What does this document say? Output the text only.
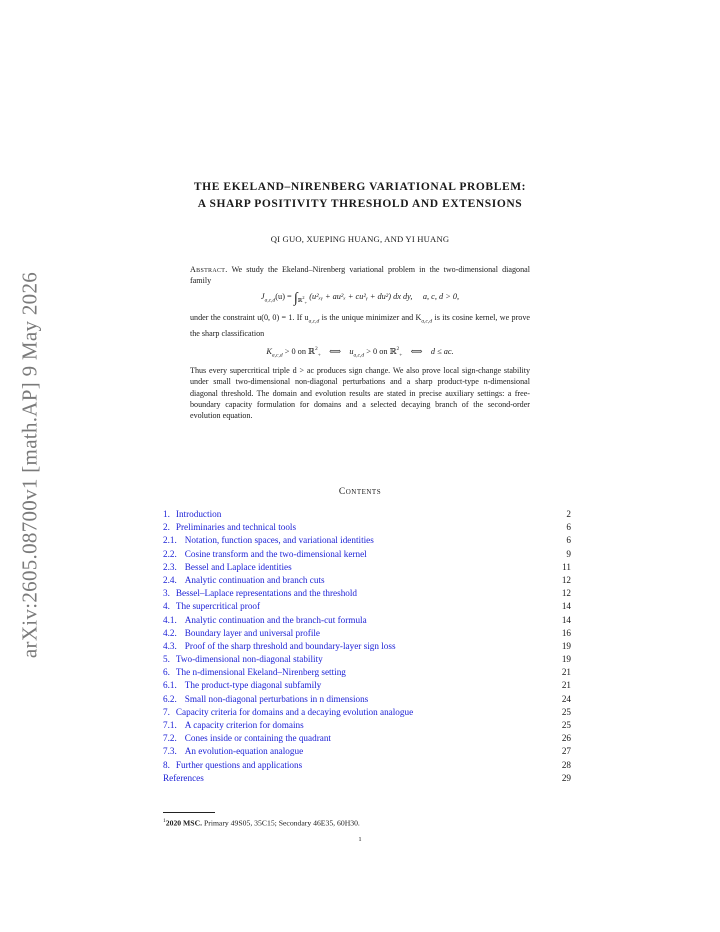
arXiv:2605.08700v1 [math.AP] 9 May 2026
THE EKELAND–NIRENBERG VARIATIONAL PROBLEM:
A SHARP POSITIVITY THRESHOLD AND EXTENSIONS
QI GUO, XUEPING HUANG, AND YI HUANG

Abstract. We study the Ekeland–Nirenberg variational problem in the two-dimensional diagonal family

$J_{a,c,d}(u) = \int_{ℝ^2_+}$ (u²ₓᵧ + au²ₓ + cu²ᵧ + du²) dx dy, a, c, d > 0,

under the constraint u(0, 0) = 1. If $u_{a,c,d}$ is the unique minimizer and $K_{a,c,d}$ is its cosine kernel, we prove the sharp classification

$K_{a,c,d} > 0$ on ℝ$^2_+$ ⟺ $u_{a,c,d} > 0$ on ℝ$^2_+$ ⟺ d ≤ ac.

Thus every supercritical triple d > ac produces sign change. We also prove local sign-change stability under small two-dimensional non-diagonal perturbations and a sharp product-type n-dimensional diagonal threshold. The domain and evolution results are stated in precise auxiliary settings: a free-boundary capacity formulation for domains and a selected decaying branch of the second-order evolution equation.

Contents
1. Introduction	2
2. Preliminaries and technical tools	6
2.1. Notation, function spaces, and variational identities	6
2.2. Cosine transform and the two-dimensional kernel	9
2.3. Bessel and Laplace identities	11
2.4. Analytic continuation and branch cuts	12
3. Bessel–Laplace representations and the threshold	12
4. The supercritical proof	14
4.1. Analytic continuation and the branch-cut formula	14
4.2. Boundary layer and universal profile	16
4.3. Proof of the sharp threshold and boundary-layer sign loss	19
5. Two-dimensional non-diagonal stability	19
6. The n-dimensional Ekeland–Nirenberg setting	21
6.1. The product-type diagonal subfamily	21
6.2. Small non-diagonal perturbations in n dimensions	24
7. Capacity criteria for domains and a decaying evolution analogue	25
7.1. A capacity criterion for domains	25
7.2. Cones inside or containing the quadrant	26
7.3. An evolution-equation analogue	27
8. Further questions and applications	28
References	29
$^1$2020 MSC. Primary 49S05, 35C15; Secondary 46E35, 60H30.
1
